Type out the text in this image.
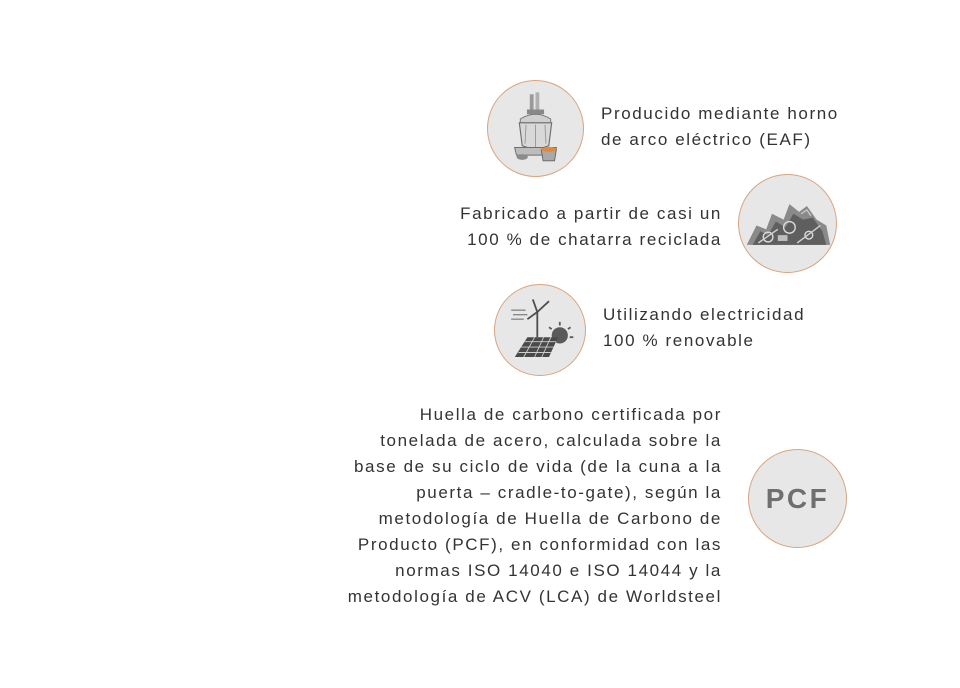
Producido mediante horno
de arco eléctrico (EAF)
Fabricado a partir de casi un
100 % de chatarra reciclada
Utilizando electricidad
100 % renovable
PCF
Huella de carbono certificada por
tonelada de acero, calculada sobre la
base de su ciclo de vida (de la cuna a la
puerta – cradle-to-gate), según la
metodología de Huella de Carbono de
Producto (PCF), en conformidad con las
normas ISO 14040 e ISO 14044 y la
metodología de ACV (LCA) de Worldsteel
